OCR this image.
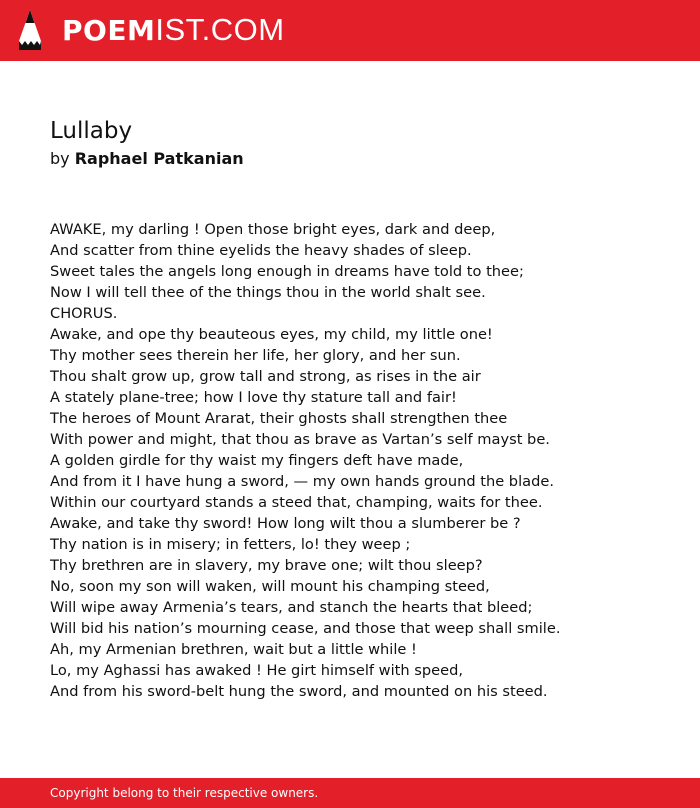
POEMIST.COM
Lullaby
by Raphael Patkanian
AWAKE, my darling ! Open those bright eyes, dark and deep,
And scatter from thine eyelids the heavy shades of sleep.
Sweet tales the angels long enough in dreams have told to thee;
Now I will tell thee of the things thou in the world shalt see.
CHORUS.
Awake, and ope thy beauteous eyes, my child, my little one!
Thy mother sees therein her life, her glory, and her sun.
Thou shalt grow up, grow tall and strong, as rises in the air
A stately plane-tree; how I love thy stature tall and fair!
The heroes of Mount Ararat, their ghosts shall strengthen thee
With power and might, that thou as brave as Vartan’s self mayst be.
A golden girdle for thy waist my fingers deft have made,
And from it I have hung a sword, — my own hands ground the blade.
Within our courtyard stands a steed that, champing, waits for thee.
Awake, and take thy sword! How long wilt thou a slumberer be ?
Thy nation is in misery; in fetters, lo! they weep ;
Thy brethren are in slavery, my brave one; wilt thou sleep?
No, soon my son will waken, will mount his champing steed,
Will wipe away Armenia’s tears, and stanch the hearts that bleed;
Will bid his nation’s mourning cease, and those that weep shall smile.
Ah, my Armenian brethren, wait but a little while !
Lo, my Aghassi has awaked ! He girt himself with speed,
And from his sword-belt hung the sword, and mounted on his steed.
Copyright belong to their respective owners.
